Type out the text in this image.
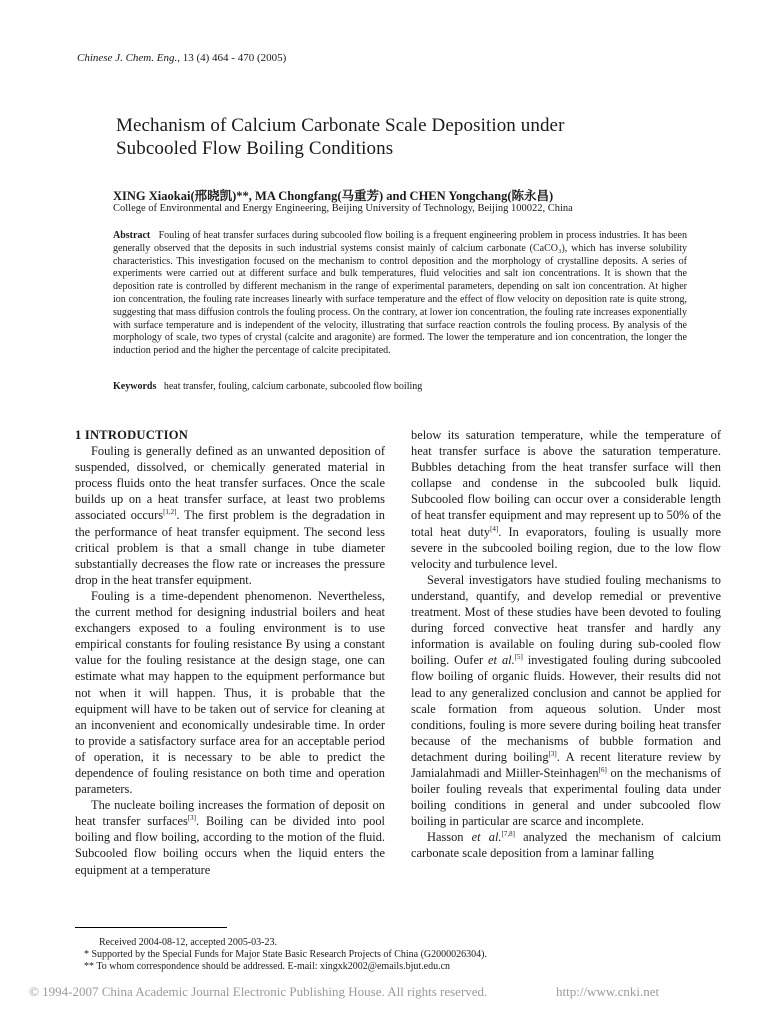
Chinese J. Chem. Eng., 13 (4) 464 - 470 (2005)
Mechanism of Calcium Carbonate Scale Deposition under
Subcooled Flow Boiling Conditions
XING Xiaokai(邢晓凯)**, MA Chongfang(马重芳) and CHEN Yongchang(陈永昌)
College of Environmental and Energy Engineering, Beijing University of Technology, Beijing 100022, China
Abstract Fouling of heat transfer surfaces during subcooled flow boiling is a frequent engineering problem in process industries. It has been generally observed that the deposits in such industrial systems consist mainly of calcium carbonate (CaCO₃), which has inverse solubility characteristics. This investigation focused on the mechanism to control deposition and the morphology of crystalline deposits. A series of experiments were carried out at different surface and bulk temperatures, fluid velocities and salt ion concentrations. It is shown that the deposition rate is controlled by different mechanism in the range of experimental parameters, depending on salt ion concentration. At higher ion concentration, the fouling rate increases linearly with surface temperature and the effect of flow velocity on deposition rate is quite strong, suggesting that mass diffusion controls the fouling process. On the contrary, at lower ion concentration, the fouling rate increases exponentially with surface temperature and is independent of the velocity, illustrating that surface reaction controls the fouling process. By analysis of the morphology of scale, two types of crystal (calcite and aragonite) are formed. The lower the temperature and ion concentration, the longer the induction period and the higher the percentage of calcite precipitated.
Keywords heat transfer, fouling, calcium carbonate, subcooled flow boiling

1 INTRODUCTION

Fouling is generally defined as an unwanted deposition of suspended, dissolved, or chemically generated material in process fluids onto the heat transfer surfaces. Once the scale builds up on a heat transfer surface, at least two problems associated occurs[1,2]. The first problem is the degradation in the performance of heat transfer equipment. The second less critical problem is that a small change in tube diameter substantially decreases the flow rate or increases the pressure drop in the heat transfer equipment.

Fouling is a time-dependent phenomenon. Nevertheless, the current method for designing industrial boilers and heat exchangers exposed to a fouling environment is to use empirical constants for fouling resistance By using a constant value for the fouling resistance at the design stage, one can estimate what may happen to the equipment performance but not when it will happen. Thus, it is probable that the equipment will have to be taken out of service for cleaning at an inconvenient and economically undesirable time. In order to provide a satisfactory surface area for an acceptable period of operation, it is necessary to be able to predict the dependence of fouling resistance on both time and operation parameters.

The nucleate boiling increases the formation of deposit on heat transfer surfaces[3]. Boiling can be divided into pool boiling and flow boiling, according to the motion of the fluid. Subcooled flow boiling occurs when the liquid enters the equipment at a temperature

below its saturation temperature, while the temperature of heat transfer surface is above the saturation temperature. Bubbles detaching from the heat transfer surface will then collapse and condense in the subcooled bulk liquid. Subcooled flow boiling can occur over a considerable length of heat transfer equipment and may represent up to 50% of the total heat duty[4]. In evaporators, fouling is usually more severe in the subcooled boiling region, due to the low flow velocity and turbulence level.

Several investigators have studied fouling mechanisms to understand, quantify, and develop remedial or preventive treatment. Most of these studies have been devoted to fouling during forced convective heat transfer and hardly any information is available on fouling during sub-cooled flow boiling. Oufer et al.[5] investigated fouling during subcooled flow boiling of organic fluids. However, their results did not lead to any generalized conclusion and cannot be applied for scale formation from aqueous solution. Under most conditions, fouling is more severe during boiling heat transfer because of the mechanisms of bubble formation and detachment during boiling[3]. A recent literature review by Jamialahmadi and Miiller-Steinhagen[6] on the mechanisms of boiler fouling reveals that experimental fouling data under boiling conditions in general and under subcooled flow boiling in particular are scarce and incomplete.

Hasson et al.[7,8] analyzed the mechanism of calcium carbonate scale deposition from a laminar falling

Received 2004-08-12, accepted 2005-03-23.
* Supported by the Special Funds for Major State Basic Research Projects of China (G2000026304).
** To whom correspondence should be addressed. E-mail: xingxk2002@emails.bjut.edu.cn
© 1994-2007 China Academic Journal Electronic Publishing House. All rights reserved.	http://www.cnki.net
